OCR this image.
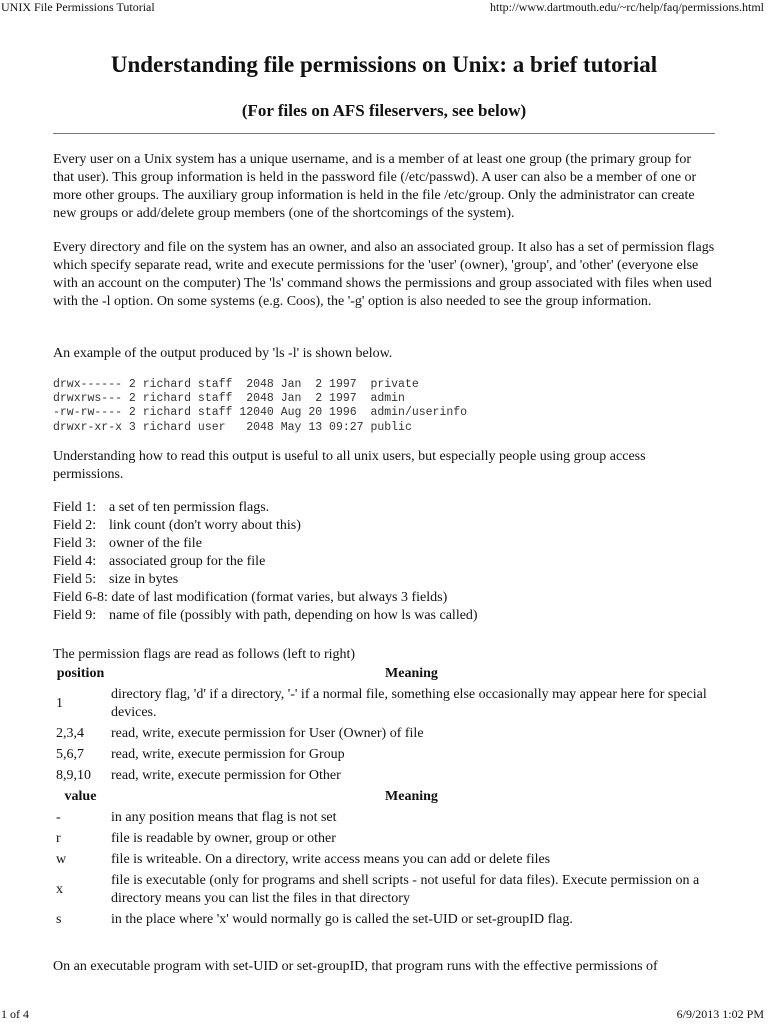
UNIX File Permissions Tutorial	http://www.dartmouth.edu/~rc/help/faq/permissions.html
Understanding file permissions on Unix: a brief tutorial
(For files on AFS fileservers, see below)

Every user on a Unix system has a unique username, and is a member of at least one group (the primary group for that user). This group information is held in the password file (/etc/passwd). A user can also be a member of one or more other groups. The auxiliary group information is held in the file /etc/group. Only the administrator can create new groups or add/delete group members (one of the shortcomings of the system).

Every directory and file on the system has an owner, and also an associated group. It also has a set of permission flags which specify separate read, write and execute permissions for the 'user' (owner), 'group', and 'other' (everyone else with an account on the computer) The 'ls' command shows the permissions and group associated with files when used with the -l option. On some systems (e.g. Coos), the '-g' option is also needed to see the group information.

An example of the output produced by 'ls -l' is shown below.

drwx------ 2 richard staff  2048 Jan  2 1997  private
drwxrws--- 2 richard staff  2048 Jan  2 1997  admin
-rw-rw---- 2 richard staff 12040 Aug 20 1996  admin/userinfo
drwxr-xr-x 3 richard user   2048 May 13 09:27 public

Understanding how to read this output is useful to all unix users, but especially people using group access permissions.

Field 1: a set of ten permission flags.
Field 2: link count (don't worry about this)
Field 3: owner of the file
Field 4: associated group for the file
Field 5: size in bytes
Field 6-8: date of last modification (format varies, but always 3 fields)
Field 9: name of file (possibly with path, depending on how ls was called)

The permission flags are read as follows (left to right)

position	Meaning
1	directory flag, 'd' if a directory, '-' if a normal file, something else occasionally may appear here for special devices.
2,3,4	read, write, execute permission for User (Owner) of file
5,6,7	read, write, execute permission for Group
8,9,10	read, write, execute permission for Other
value	Meaning
-	in any position means that flag is not set
r	file is readable by owner, group or other
w	file is writeable. On a directory, write access means you can add or delete files
x	file is executable (only for programs and shell scripts - not useful for data files). Execute permission on a directory means you can list the files in that directory
s	in the place where 'x' would normally go is called the set-UID or set-groupID flag.

On an executable program with set-UID or set-groupID, that program runs with the effective permissions of

1 of 4	6/9/2013 1:02 PM
